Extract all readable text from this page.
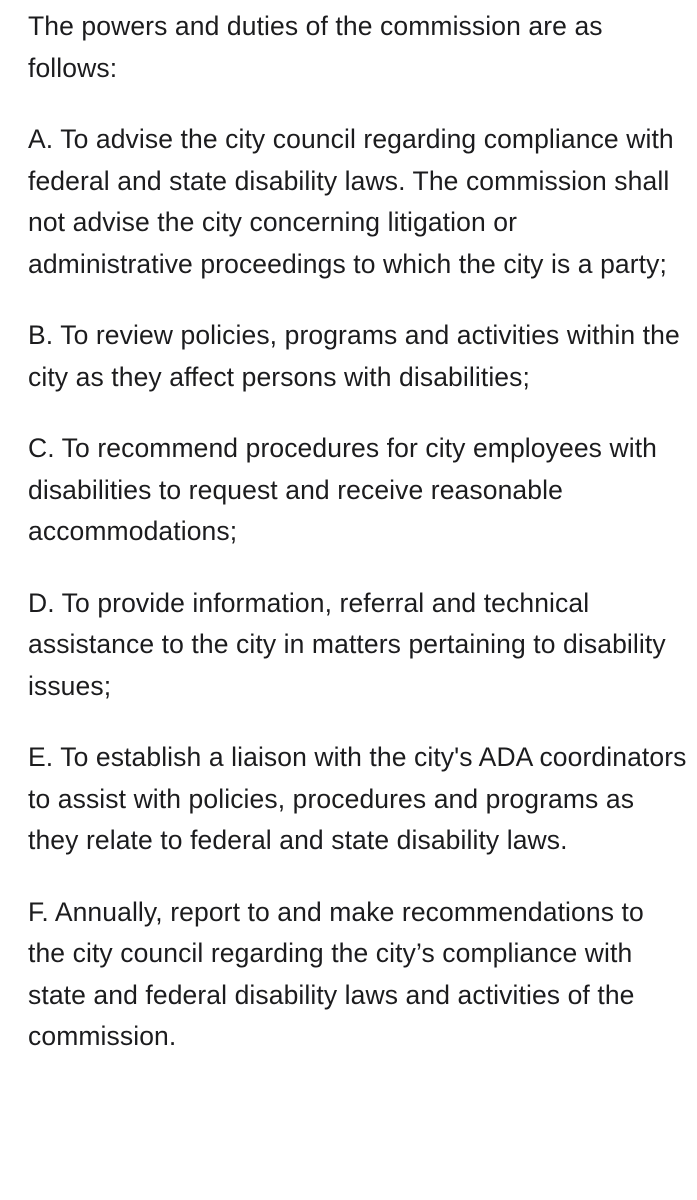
The powers and duties of the commission are as follows:

A. To advise the city council regarding compliance with federal and state disability laws. The commission shall not advise the city concerning litigation or administrative proceedings to which the city is a party;

B. To review policies, programs and activities within the city as they affect persons with disabilities;

C. To recommend procedures for city employees with disabilities to request and receive reasonable accommodations;

D. To provide information, referral and technical assistance to the city in matters pertaining to disability issues;

E. To establish a liaison with the city's ADA coordinators to assist with policies, procedures and programs as they relate to federal and state disability laws.

F. Annually, report to and make recommendations to the city council regarding the city’s compliance with state and federal disability laws and activities of the commission.
